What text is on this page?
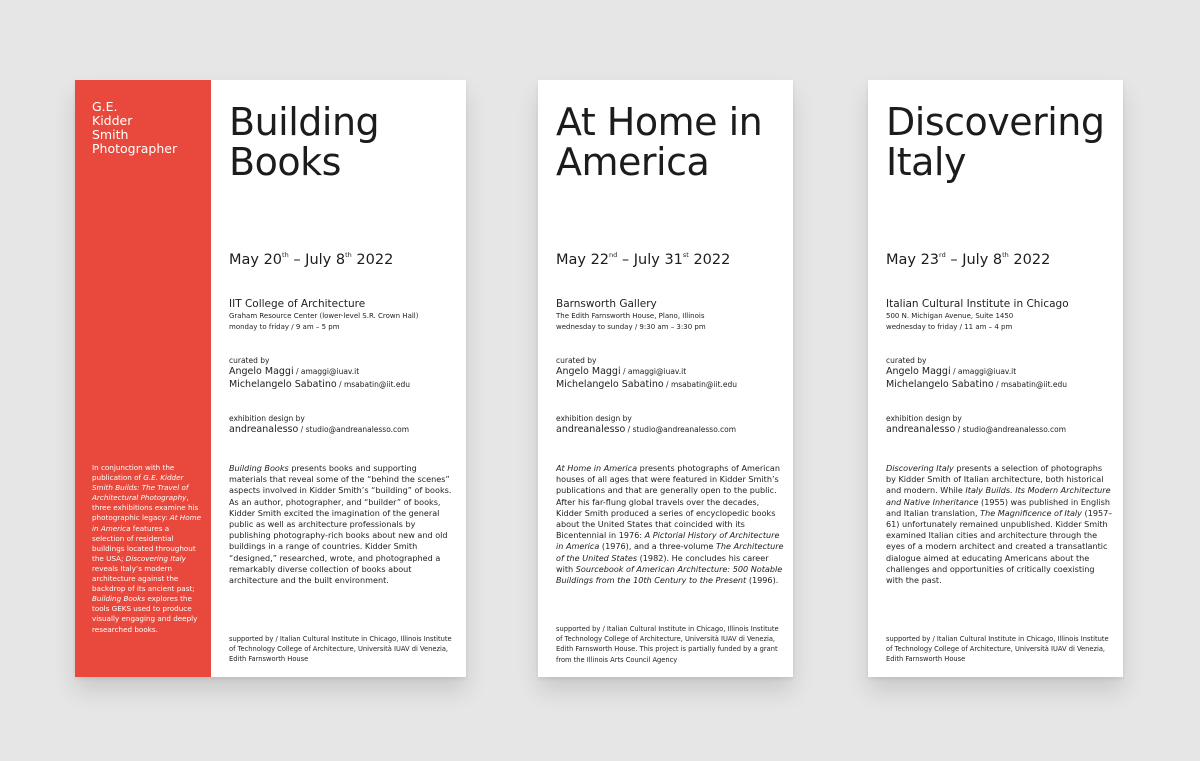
G.E.
Kidder
Smith
Photographer

In conjunction with the publication of G.E. Kidder Smith Builds: The Travel of Architectural Photography, three exhibitions examine his photographic legacy: At Home in America features a selection of residential buildings located throughout the USA; Discovering Italy reveals Italy’s modern architecture against the backdrop of its ancient past; Building Books explores the tools GEKS used to produce visually engaging and deeply researched books.

Building
Books
May 20th – July 8th 2022

IIT College of Architecture

Graham Resource Center (lower-level S.R. Crown Hall)

monday to friday / 9 am – 5 pm

curated by

Angelo Maggi / amaggi@iuav.it

Michelangelo Sabatino / msabatin@iit.edu

exhibition design by

andreanalesso / studio@andreanalesso.com

Building Books presents books and supporting materials that reveal some of the “behind the scenes” aspects involved in Kidder Smith’s “building” of books. As an author, photographer, and “builder” of books, Kidder Smith excited the imagination of the general public as well as architecture professionals by publishing photography-rich books about new and old buildings in a range of countries. Kidder Smith “designed,” researched, wrote, and photographed a remarkably diverse collection of books about architecture and the built environment.

supported by / Italian Cultural Institute in Chicago, Illinois Institute of Technology College of Architecture, Università IUAV di Venezia, Edith Farnsworth House

At Home in
America
May 22nd – July 31st 2022

Barnsworth Gallery

The Edith Farnsworth House, Plano, Illinois

wednesday to sunday / 9:30 am – 3:30 pm

curated by

Angelo Maggi / amaggi@iuav.it

Michelangelo Sabatino / msabatin@iit.edu

exhibition design by

andreanalesso / studio@andreanalesso.com

At Home in America presents photographs of American houses of all ages that were featured in Kidder Smith’s publications and that are generally open to the public. After his far-flung global travels over the decades, Kidder Smith produced a series of encyclopedic books about the United States that coincided with its Bicentennial in 1976: A Pictorial History of Architecture in America (1976), and a three-volume The Architecture of the United States (1982). He concludes his career with Sourcebook of American Architecture: 500 Notable Buildings from the 10th Century to the Present (1996).

supported by / Italian Cultural Institute in Chicago, Illinois Institute of Technology College of Architecture, Università IUAV di Venezia, Edith Farnsworth House. This project is partially funded by a grant from the Illinois Arts Council Agency

Discovering
Italy
May 23rd – July 8th 2022

Italian Cultural Institute in Chicago

500 N. Michigan Avenue, Suite 1450

wednesday to friday / 11 am – 4 pm

curated by

Angelo Maggi / amaggi@iuav.it

Michelangelo Sabatino / msabatin@iit.edu

exhibition design by

andreanalesso / studio@andreanalesso.com

Discovering Italy presents a selection of photographs by Kidder Smith of Italian architecture, both historical and modern. While Italy Builds. Its Modern Architecture and Native Inheritance (1955) was published in English and Italian translation, The Magnificence of Italy (1957–61) unfortunately remained unpublished. Kidder Smith examined Italian cities and architecture through the eyes of a modern architect and created a transatlantic dialogue aimed at educating Americans about the challenges and opportunities of critically coexisting with the past.

supported by / Italian Cultural Institute in Chicago, Illinois Institute of Technology College of Architecture, Università IUAV di Venezia, Edith Farnsworth House
